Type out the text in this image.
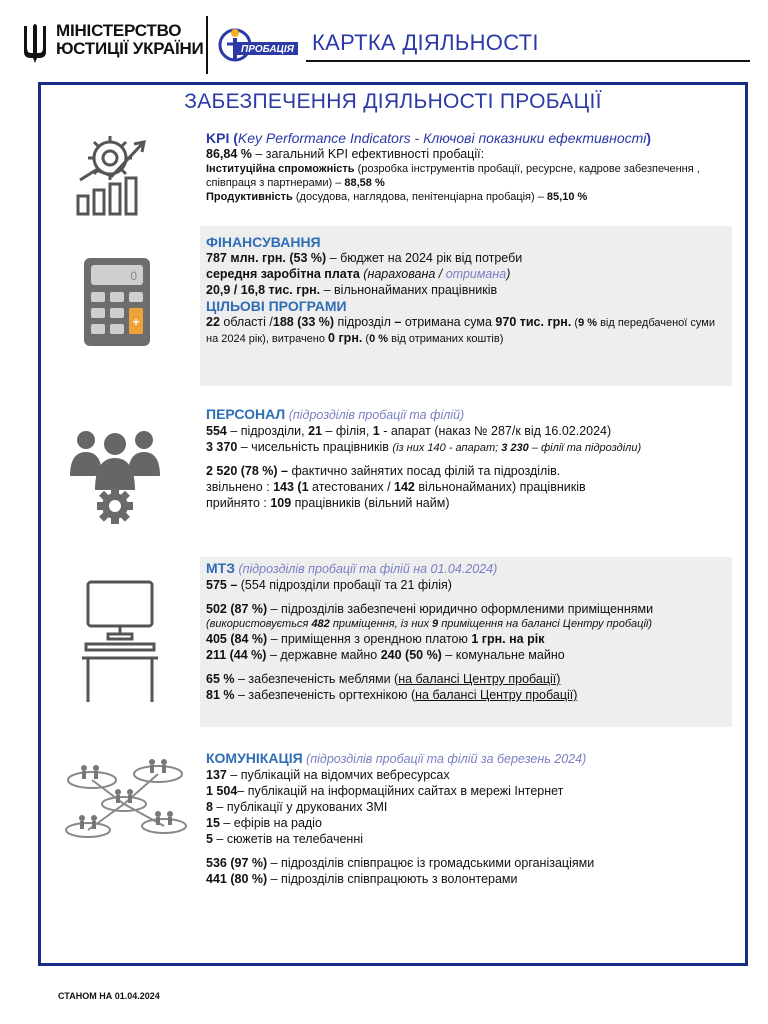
МІНІСТЕРСТВО
ЮСТИЦІЇ УКРАЇНИ	ПРОБАЦІЯ КАРТКА ДІЯЛЬНОСТІ
ЗАБЕЗПЕЧЕННЯ ДІЯЛЬНОСТІ ПРОБАЦІЇ
0
+
KPI (Key Performance Indicators - Ключові показники ефективності)
86,84 % – загальний KPI ефективності пробації:
Інституційна спроможність (розробка інструментів пробації, ресурсне, кадрове забезпечення , співпраця з партнерами) – 88,58 %
Продуктивність (досудова, наглядова, пенітенціарна пробація) – 85,10 %
ФІНАНСУВАННЯ
787 млн. грн. (53 %) – бюджет на 2024 рік від потреби
середня заробітна плата (нарахована / отримана)
20,9 / 16,8 тис. грн. – вільнонайманих працівників
ЦІЛЬОВІ ПРОГРАМИ
22 області /188 (33 %) підрозділ – отримана сума 970 тис. грн. (9 % від передбаченої суми на 2024 рік), витрачено 0 грн. (0 % від отриманих коштів)
ПЕРСОНАЛ (підрозділів пробації та філій)
554 – підрозділи, 21 – філія, 1 - апарат (наказ № 287/к від 16.02.2024)
3 370 – чисельність працівників (із них 140 - апарат; 3 230 – філії та підрозділи)
2 520 (78 %) – фактично зайнятих посад філій та підрозділів.
звільнено : 143 (1 атестованих / 142 вільнонайманих) працівників
прийнято : 109 працівників (вільний найм)
МТЗ (підрозділів пробації та філій на 01.04.2024)
575 – (554 підрозділи пробації та 21 філія)
502 (87 %) – підрозділів забезпечені юридично оформленими приміщеннями
(використовується 482 приміщення, із них 9 приміщення на балансі Центру пробації)
405 (84 %) – приміщення з орендною платою 1 грн. на рік
211 (44 %) – державне майно 240 (50 %) – комунальне майно
65 % – забезпеченість меблями (на балансі Центру пробації)
81 % – забезпеченість оргтехнікою (на балансі Центру пробації)
КОМУНІКАЦІЯ (підрозділів пробації та філій за березень 2024)
137 – публікацій на відомчих вебресурсах
1 504– публікацій на інформаційних сайтах в мережі Інтернет
8 – публікації у друкованих ЗМІ
15 – ефірів на радіо
5 – сюжетів на телебаченні
536 (97 %) – підрозділів співпрацює із громадськими організаціями
441 (80 %) – підрозділів співпрацюють з волонтерами
СТАНОМ НА 01.04.2024
